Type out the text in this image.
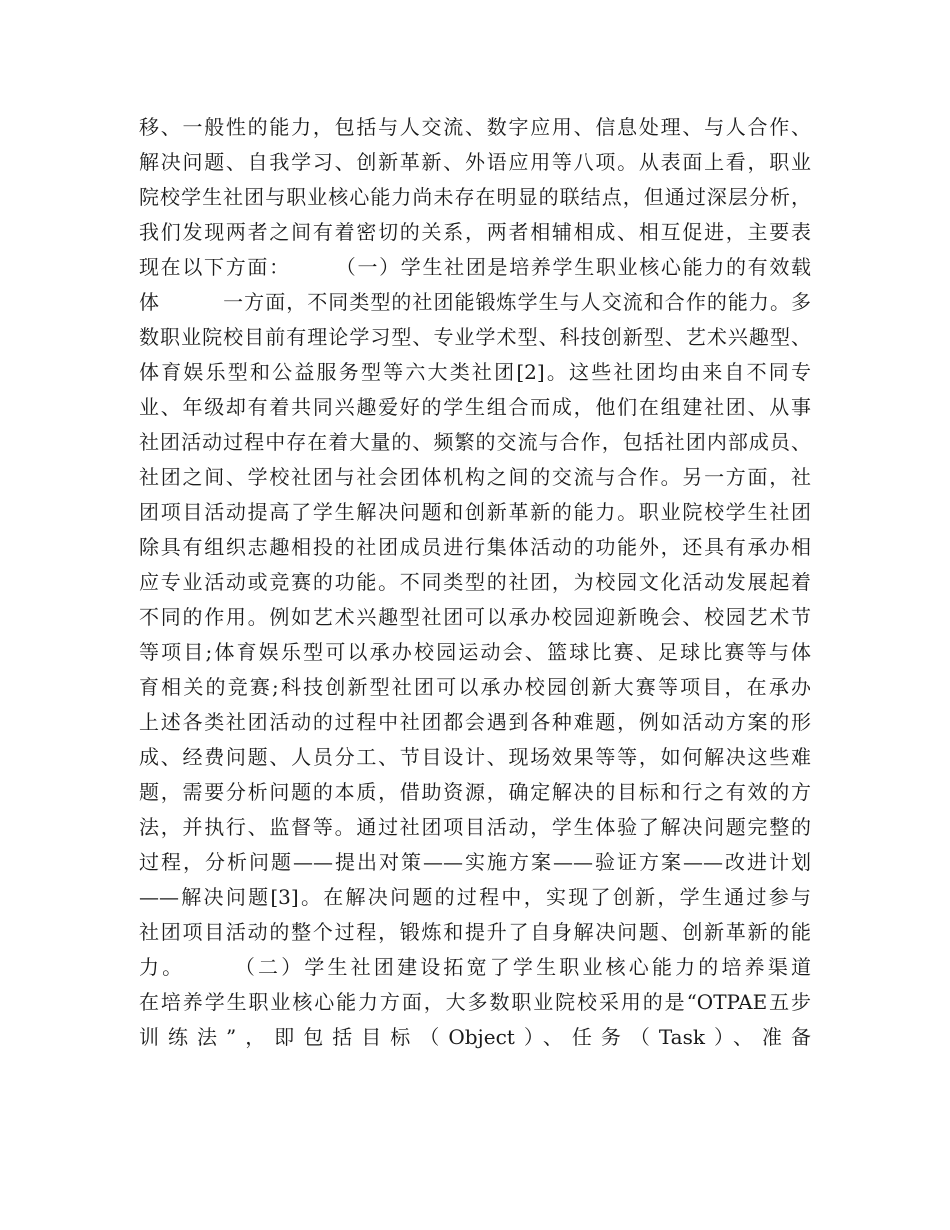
移、一般性的能力，包括与人交流、数字应用、信息处理、与人合作、
解决问题、自我学习、创新革新、外语应用等八项。从表面上看，职业
院校学生社团与职业核心能力尚未存在明显的联结点，但通过深层分析，
我们发现两者之间有着密切的关系，两者相辅相成、相互促进，主要表
现在以下方面：　　　（一）学生社团是培养学生职业核心能力的有效载
体　　　一方面，不同类型的社团能锻炼学生与人交流和合作的能力。多
数职业院校目前有理论学习型、专业学术型、科技创新型、艺术兴趣型、
体育娱乐型和公益服务型等六大类社团[2]。这些社团均由来自不同专
业、年级却有着共同兴趣爱好的学生组合而成，他们在组建社团、从事
社团活动过程中存在着大量的、频繁的交流与合作，包括社团内部成员、
社团之间、学校社团与社会团体机构之间的交流与合作。另一方面，社
团项目活动提高了学生解决问题和创新革新的能力。职业院校学生社团
除具有组织志趣相投的社团成员进行集体活动的功能外，还具有承办相
应专业活动或竞赛的功能。不同类型的社团，为校园文化活动发展起着
不同的作用。例如艺术兴趣型社团可以承办校园迎新晚会、校园艺术节
等项目;体育娱乐型可以承办校园运动会、篮球比赛、足球比赛等与体
育相关的竞赛;科技创新型社团可以承办校园创新大赛等项目，在承办
上述各类社团活动的过程中社团都会遇到各种难题，例如活动方案的形
成、经费问题、人员分工、节目设计、现场效果等等，如何解决这些难
题，需要分析问题的本质，借助资源，确定解决的目标和行之有效的方
法，并执行、监督等。通过社团项目活动，学生体验了解决问题完整的
过程，分析问题——提出对策——实施方案——验证方案——改进计划
——解决问题[3]。在解决问题的过程中，实现了创新，学生通过参与
社团项目活动的整个过程，锻炼和提升了自身解决问题、创新革新的能
力。　　　（二）学生社团建设拓宽了学生职业核心能力的培养渠道
在培养学生职业核心能力方面，大多数职业院校采用的是“OTPAE五步
训练法”，即包括目标（Object）、任务（Task）、准备
